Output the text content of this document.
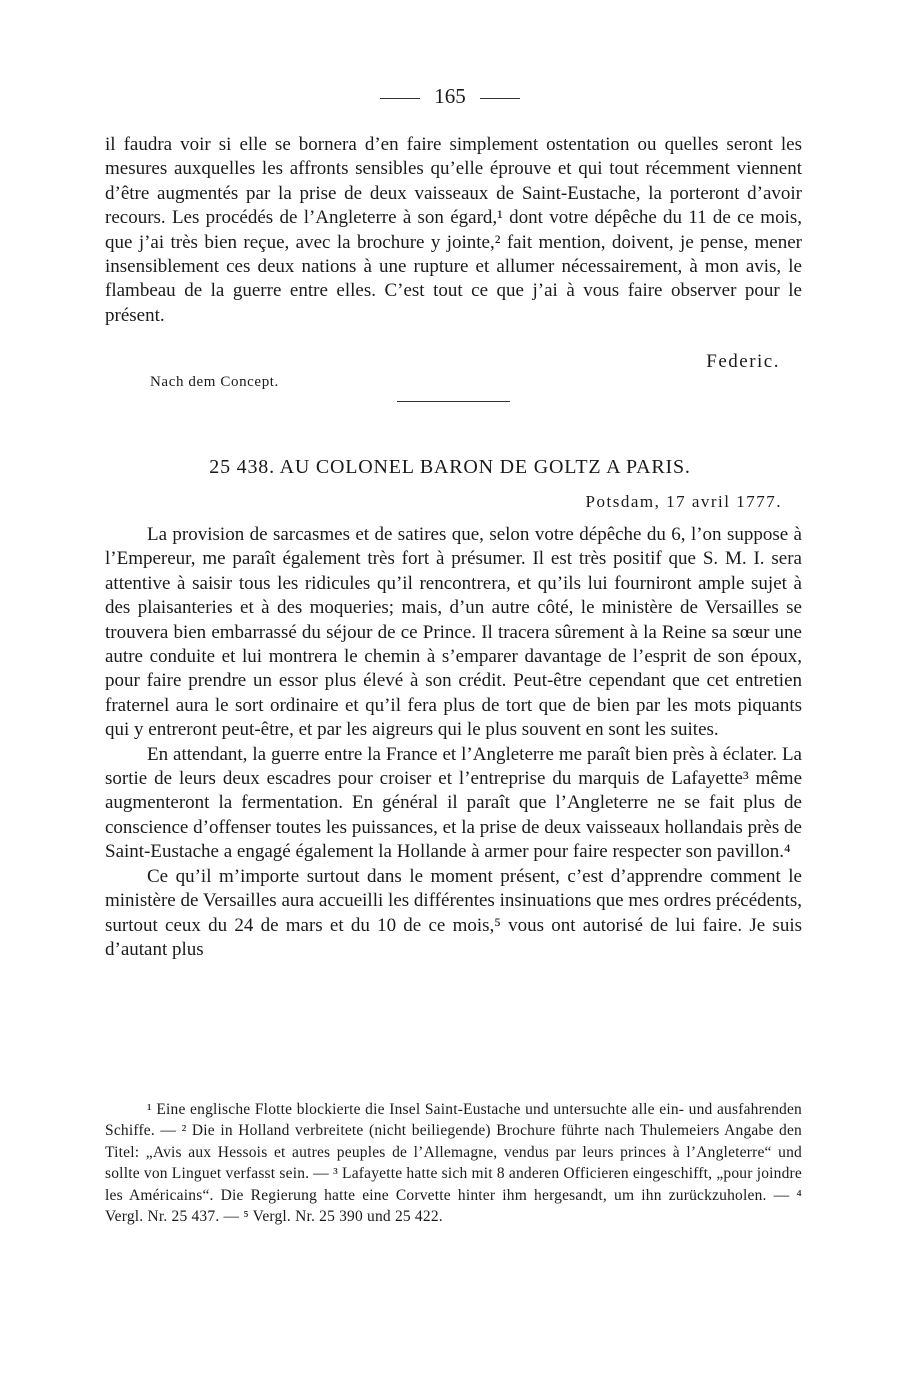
165

il faudra voir si elle se bornera d’en faire simplement ostentation ou quelles seront les mesures auxquelles les affronts sensibles qu’elle éprouve et qui tout récemment viennent d’être augmentés par la prise de deux vaisseaux de Saint-Eustache, la porteront d’avoir recours. Les procédés de l’Angleterre à son égard,¹ dont votre dépêche du 11 de ce mois, que j’ai très bien reçue, avec la brochure y jointe,² fait mention, doivent, je pense, mener insensiblement ces deux nations à une rupture et allumer nécessairement, à mon avis, le flambeau de la guerre entre elles. C’est tout ce que j’ai à vous faire observer pour le présent.

Federic.
Nach dem Concept.
25 438. AU COLONEL BARON DE GOLTZ A PARIS.
Potsdam, 17 avril 1777.

La provision de sarcasmes et de satires que, selon votre dépêche du 6, l’on suppose à l’Empereur, me paraît également très fort à présumer. Il est très positif que S. M. I. sera attentive à saisir tous les ridicules qu’il rencontrera, et qu’ils lui fourniront ample sujet à des plaisanteries et à des moqueries; mais, d’un autre côté, le ministère de Versailles se trouvera bien embarrassé du séjour de ce Prince. Il tracera sûrement à la Reine sa sœur une autre conduite et lui montrera le chemin à s’emparer davantage de l’esprit de son époux, pour faire prendre un essor plus élevé à son crédit. Peut-être cependant que cet entretien fraternel aura le sort ordinaire et qu’il fera plus de tort que de bien par les mots piquants qui y entreront peut-être, et par les aigreurs qui le plus souvent en sont les suites.

En attendant, la guerre entre la France et l’Angleterre me paraît bien près à éclater. La sortie de leurs deux escadres pour croiser et l’entreprise du marquis de Lafayette³ même augmenteront la fermentation. En général il paraît que l’Angleterre ne se fait plus de conscience d’offenser toutes les puissances, et la prise de deux vaisseaux hollandais près de Saint-Eustache a engagé également la Hollande à armer pour faire respecter son pavillon.⁴

Ce qu’il m’importe surtout dans le moment présent, c’est d’apprendre comment le ministère de Versailles aura accueilli les différentes insinuations que mes ordres précédents, surtout ceux du 24 de mars et du 10 de ce mois,⁵ vous ont autorisé de lui faire. Je suis d’autant plus

¹ Eine englische Flotte blockierte die Insel Saint-Eustache und untersuchte alle ein- und ausfahrenden Schiffe. — ² Die in Holland verbreitete (nicht beiliegende) Brochure führte nach Thulemeiers Angabe den Titel: „Avis aux Hessois et autres peuples de l’Allemagne, vendus par leurs princes à l’Angleterre“ und sollte von Linguet verfasst sein. — ³ Lafayette hatte sich mit 8 anderen Officieren eingeschifft, „pour joindre les Américains“. Die Regierung hatte eine Corvette hinter ihm hergesandt, um ihn zurückzuholen. — ⁴ Vergl. Nr. 25 437. — ⁵ Vergl. Nr. 25 390 und 25 422.
